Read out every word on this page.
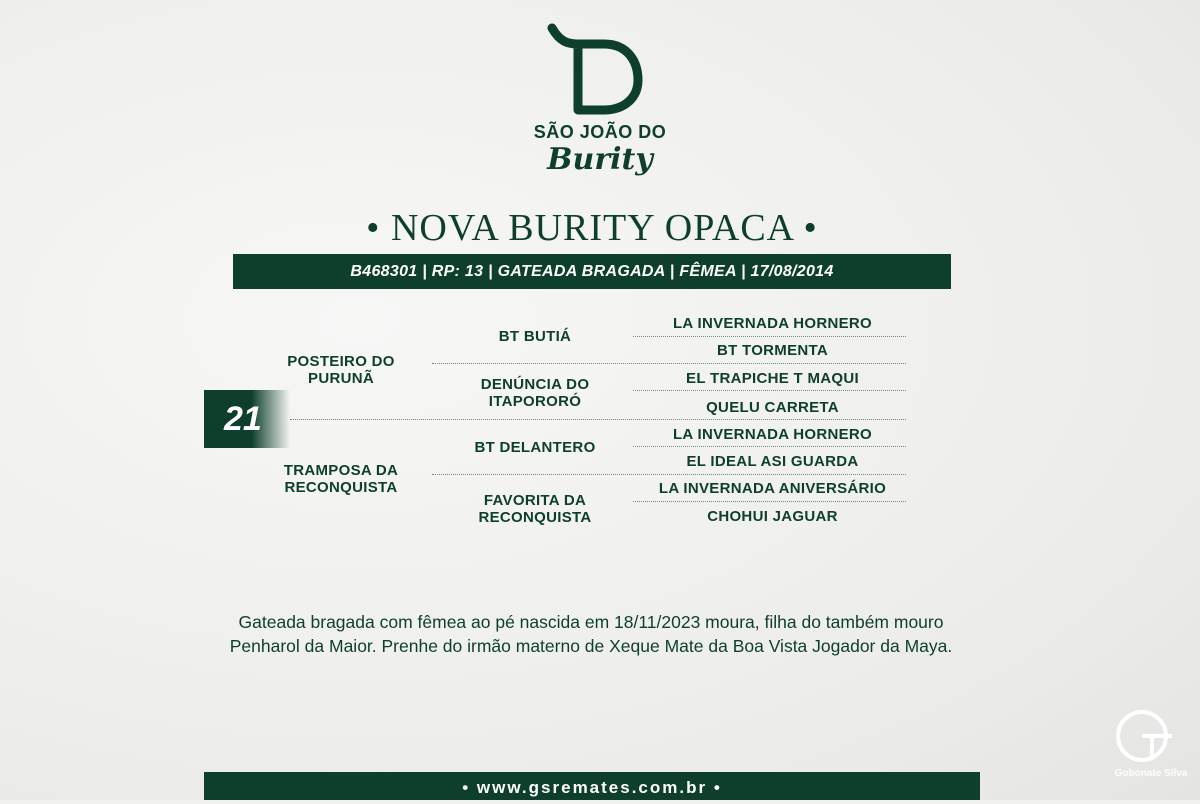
SÃO JOÃO DO
Burity
• NOVA BURITY OPACA •
B468301 | RP: 13 | GATEADA BRAGADA | FÊMEA | 17/08/2014
21
POSTEIRO DO PURUNÃ
TRAMPOSA DA RECONQUISTA
BT BUTIÁ
DENÚNCIA DO ITAPORORÓ
BT DELANTERO
FAVORITA DA RECONQUISTA
LA INVERNADA HORNERO
BT TORMENTA
EL TRAPICHE T MAQUI
QUELU CARRETA
LA INVERNADA HORNERO
EL IDEAL ASI GUARDA
LA INVERNADA ANIVERSÁRIO
CHOHUI JAGUAR
Gateada bragada com fêmea ao pé nascida em 18/11/2023 moura, filha do também mouro Penharol da Maior. Prenhe do irmão materno de Xeque Mate da Boa Vista Jogador da Maya.
• www.gsremates.com.br •
Gobonate Silva
